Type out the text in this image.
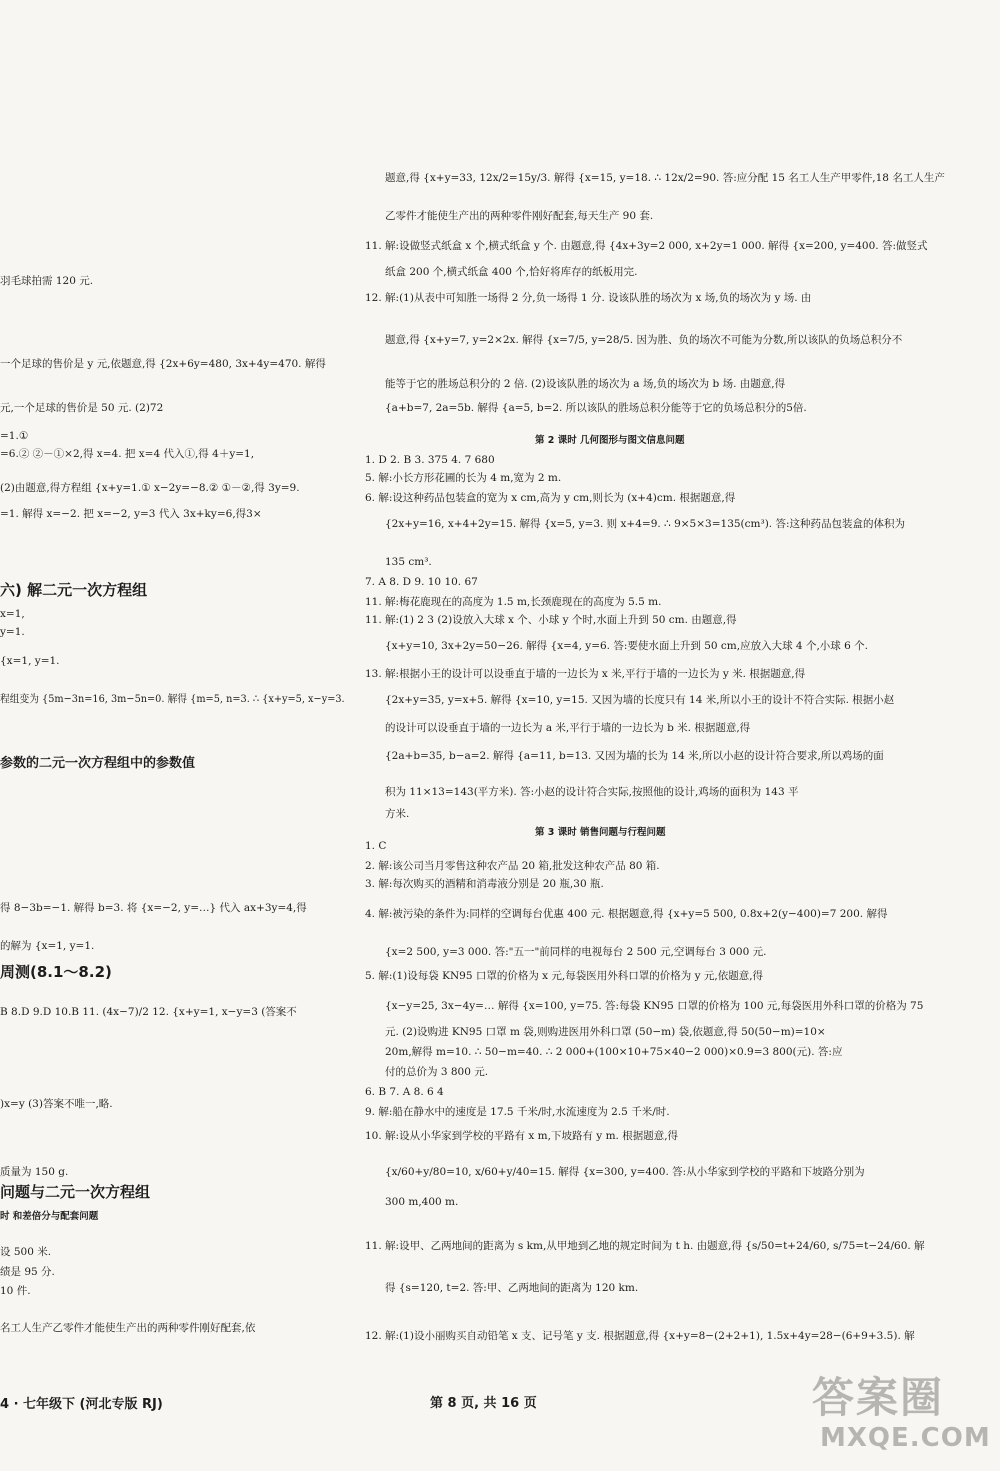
羽毛球拍需 120 元.
一个足球的售价是 y 元,依题意,得 {2x+6y=480, 3x+4y=470. 解得
元,一个足球的售价是 50 元. (2)72
=1.①
=6.② ②－①×2,得 x=4. 把 x=4 代入①,得 4＋y=1,
(2)由题意,得方程组 {x+y=1.① x−2y=−8.② ①－②,得 3y=9.
=1. 解得 x=−2. 把 x=−2, y=3 代入 3x+ky=6,得3×
六) 解二元一次方程组
x=1,
y=1.
{x=1, y=1.
程组变为 {5m−3n=16, 3m−5n=0. 解得 {m=5, n=3. ∴ {x+y=5, x−y=3.
参数的二元一次方程组中的参数值
得 8−3b=−1. 解得 b=3. 将 {x=−2, y=…} 代入 ax+3y=4,得
的解为 {x=1, y=1.
周测(8.1～8.2)
B 8.D 9.D 10.B 11. (4x−7)/2 12. {x+y=1, x−y=3 (答案不
)x=y (3)答案不唯一,略.
质量为 150 g.
问题与二元一次方程组
时 和差倍分与配套问题
设 500 米.
绩是 95 分.
10 件.
名工人生产乙零件才能使生产出的两种零件刚好配套,依
题意,得 {x+y=33, 12x/2=15y/3. 解得 {x=15, y=18. ∴ 12x/2=90. 答:应分配 15 名工人生产甲零件,18 名工人生产
乙零件才能使生产出的两种零件刚好配套,每天生产 90 套.
11. 解:设做竖式纸盒 x 个,横式纸盒 y 个. 由题意,得 {4x+3y=2 000, x+2y=1 000. 解得 {x=200, y=400. 答:做竖式
纸盒 200 个,横式纸盒 400 个,恰好将库存的纸板用完.
12. 解:(1)从表中可知胜一场得 2 分,负一场得 1 分. 设该队胜的场次为 x 场,负的场次为 y 场. 由
题意,得 {x+y=7, y=2×2x. 解得 {x=7/5, y=28/5. 因为胜、负的场次不可能为分数,所以该队的负场总积分不
能等于它的胜场总积分的 2 倍. (2)设该队胜的场次为 a 场,负的场次为 b 场. 由题意,得
{a+b=7, 2a=5b. 解得 {a=5, b=2. 所以该队的胜场总积分能等于它的负场总积分的5倍.
第 2 课时 几何图形与图文信息问题
1. D 2. B 3. 375 4. 7 680
5. 解:小长方形花圃的长为 4 m,宽为 2 m.
6. 解:设这种药品包装盒的宽为 x cm,高为 y cm,则长为 (x+4)cm. 根据题意,得
{2x+y=16, x+4+2y=15. 解得 {x=5, y=3. 则 x+4=9. ∴ 9×5×3=135(cm³). 答:这种药品包装盒的体积为
135 cm³.
7. A 8. D 9. 10 10. 67
11. 解:梅花鹿现在的高度为 1.5 m,长颈鹿现在的高度为 5.5 m.
11. 解:(1) 2 3 (2)设放入大球 x 个、小球 y 个时,水面上升到 50 cm. 由题意,得
{x+y=10, 3x+2y=50−26. 解得 {x=4, y=6. 答:要使水面上升到 50 cm,应放入大球 4 个,小球 6 个.
13. 解:根据小王的设计可以设垂直于墙的一边长为 x 米,平行于墙的一边长为 y 米. 根据题意,得
{2x+y=35, y=x+5. 解得 {x=10, y=15. 又因为墙的长度只有 14 米,所以小王的设计不符合实际. 根据小赵
的设计可以设垂直于墙的一边长为 a 米,平行于墙的一边长为 b 米. 根据题意,得
{2a+b=35, b−a=2. 解得 {a=11, b=13. 又因为墙的长为 14 米,所以小赵的设计符合要求,所以鸡场的面
积为 11×13=143(平方米). 答:小赵的设计符合实际,按照他的设计,鸡场的面积为 143 平
方米.
第 3 课时 销售问题与行程问题
1. C
2. 解:该公司当月零售这种农产品 20 箱,批发这种农产品 80 箱.
3. 解:每次购买的酒精和消毒液分别是 20 瓶,30 瓶.
4. 解:被污染的条件为:同样的空调每台优惠 400 元. 根据题意,得 {x+y=5 500, 0.8x+2(y−400)=7 200. 解得
{x=2 500, y=3 000. 答:"五一"前同样的电视每台 2 500 元,空调每台 3 000 元.
5. 解:(1)设每袋 KN95 口罩的价格为 x 元,每袋医用外科口罩的价格为 y 元,依题意,得
{x−y=25, 3x−4y=… 解得 {x=100, y=75. 答:每袋 KN95 口罩的价格为 100 元,每袋医用外科口罩的价格为 75
元. (2)设购进 KN95 口罩 m 袋,则购进医用外科口罩 (50−m) 袋,依题意,得 50(50−m)=10×
20m,解得 m=10. ∴ 50−m=40. ∴ 2 000+(100×10+75×40−2 000)×0.9=3 800(元). 答:应
付的总价为 3 800 元.
6. B 7. A 8. 6 4
9. 解:船在静水中的速度是 17.5 千米/时,水流速度为 2.5 千米/时.
10. 解:设从小华家到学校的平路有 x m,下坡路有 y m. 根据题意,得
{x/60+y/80=10, x/60+y/40=15. 解得 {x=300, y=400. 答:从小华家到学校的平路和下坡路分别为
300 m,400 m.
11. 解:设甲、乙两地间的距离为 s km,从甲地到乙地的规定时间为 t h. 由题意,得 {s/50=t+24/60, s/75=t−24/60. 解
得 {s=120, t=2. 答:甲、乙两地间的距离为 120 km.
12. 解:(1)设小丽购买自动铅笔 x 支、记号笔 y 支. 根据题意,得 {x+y=8−(2+2+1), 1.5x+4y=28−(6+9+3.5). 解
4 · 七年级下 (河北专版 RJ)	第 8 页, 共 16 页	答案圈
MXQE.COM
